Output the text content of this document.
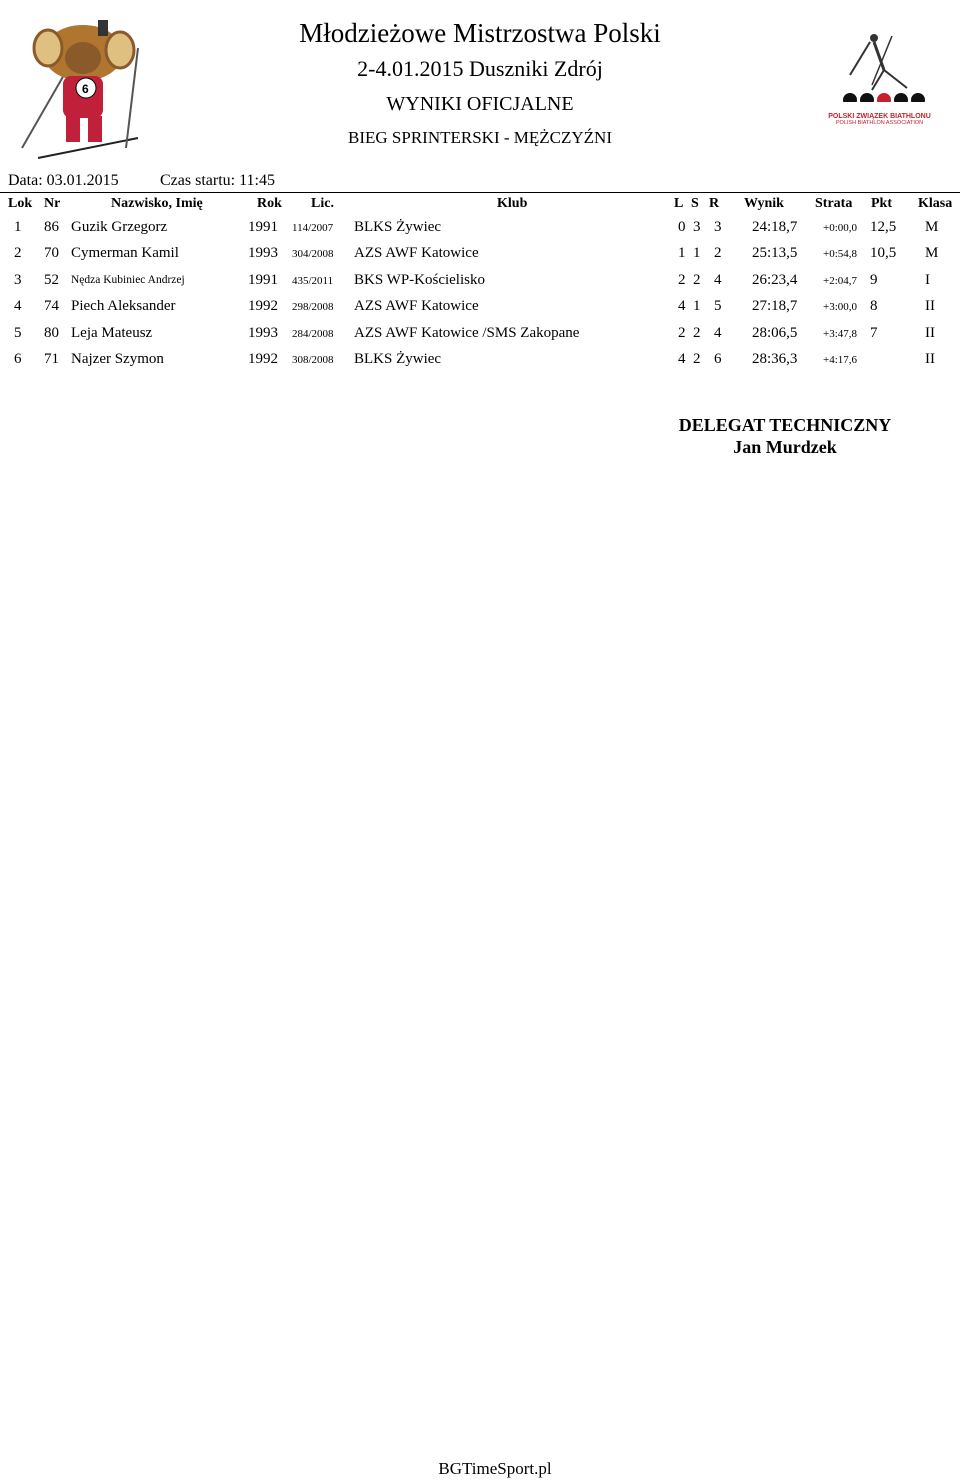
6
POLSKI ZWIĄZEK BIATHLONU
POLISH BIATHLON ASSOCIATION
Młodzieżowe Mistrzostwa Polski
2-4.01.2015 Duszniki Zdrój
WYNIKI OFICJALNE
BIEG SPRINTERSKI - MĘŻCZYŹNI
Data: 03.01.2015	Czas startu: 11:45
Lok Nr	Nazwisko, Imię	Rok Lic.	Klub	L S R Wynik Strata Pkt Klasa
1 86 Guzik Grzegorz	1991 114/2007 BLKS Żywiec	0 3 3 24:18,7 +0:00,0 12,5 M
2 70 Cymerman Kamil	1993 304/2008 AZS AWF Katowice	1 1 2 25:13,5 +0:54,8 10,5 M
3 52 Nędza Kubiniec Andrzej	1991 435/2011 BKS WP-Kościelisko	2 2 4 26:23,4 +2:04,7 9	I
4 74 Piech Aleksander	1992 298/2008 AZS AWF Katowice	4 1 5 27:18,7 +3:00,0 8	II
5 80 Leja Mateusz	1993 284/2008 AZS AWF Katowice /SMS Zakopane	2 2 4 28:06,5 +3:47,8 7	II
6 71 Najzer Szymon	1992 308/2008 BLKS Żywiec	4 2 6 28:36,3 +4:17,6	II
DELEGAT TECHNICZNY
Jan Murdzek
BGTimeSport.pl
